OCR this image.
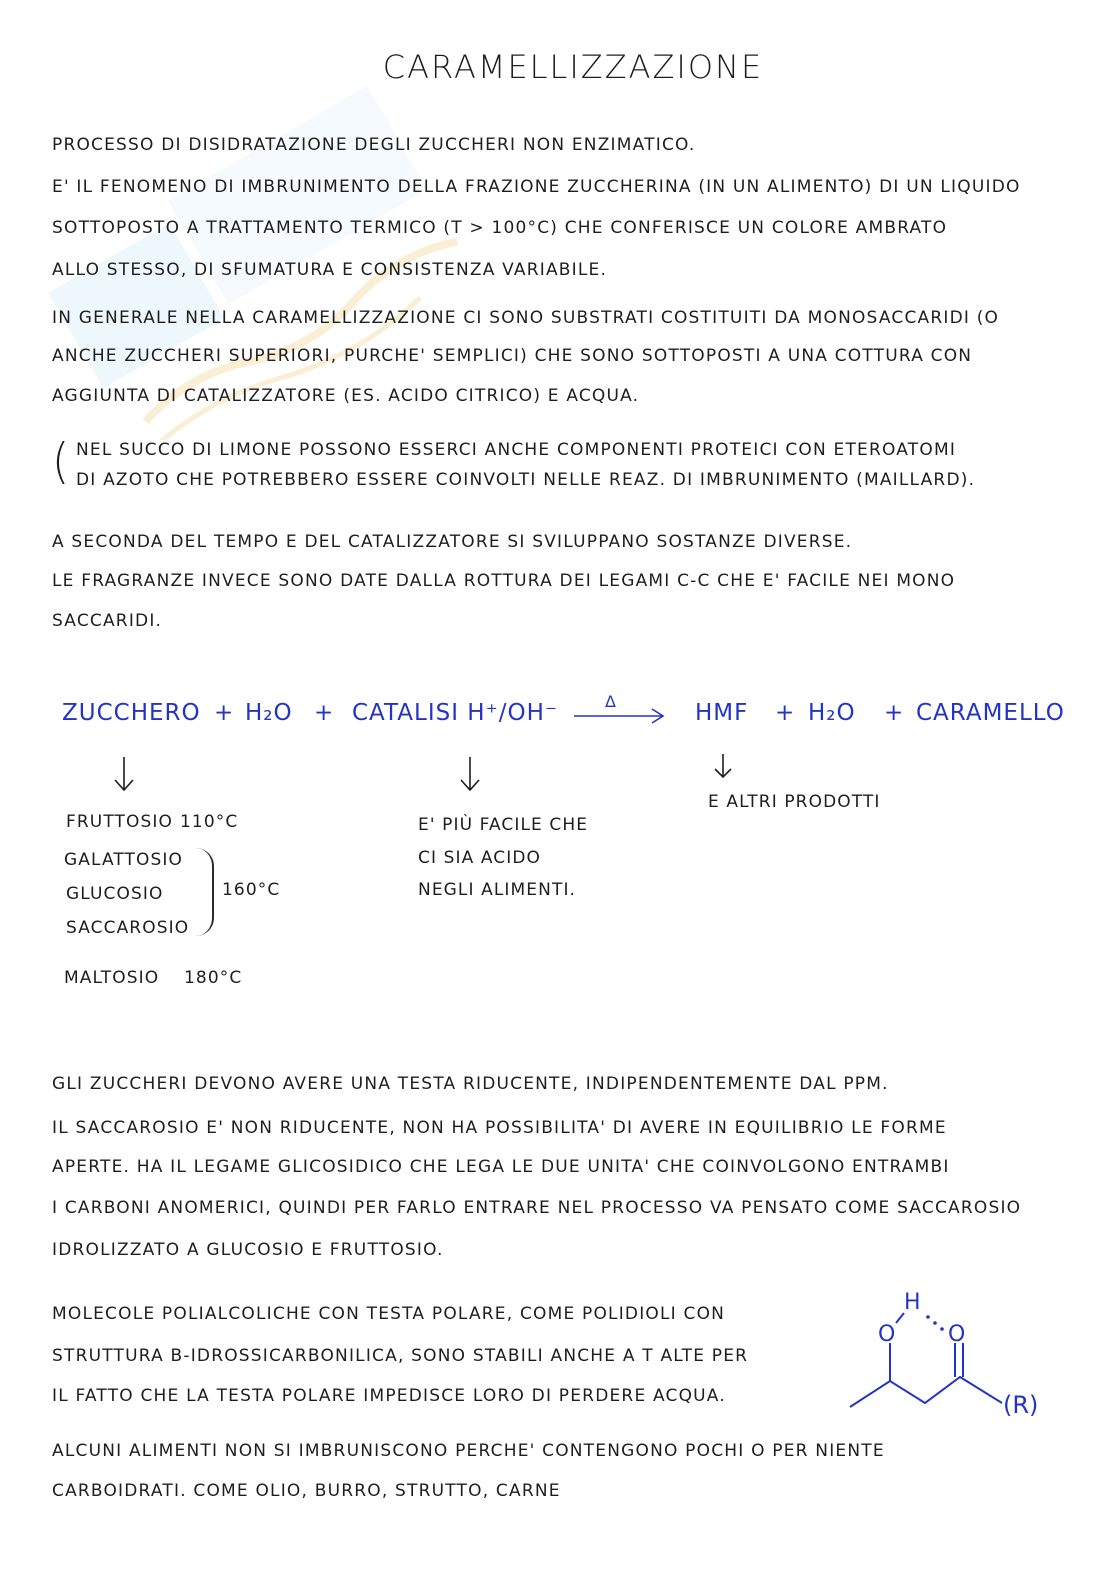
CARAMELLIZZAZIONE
PROCESSO DI DISIDRATAZIONE DEGLI ZUCCHERI NON ENZIMATICO.
E' IL FENOMENO DI IMBRUNIMENTO DELLA FRAZIONE ZUCCHERINA (IN UN ALIMENTO) DI UN LIQUIDO
SOTTOPOSTO A TRATTAMENTO TERMICO (T > 100°C) CHE CONFERISCE UN COLORE AMBRATO
ALLO STESSO, DI SFUMATURA E CONSISTENZA VARIABILE.
IN GENERALE NELLA CARAMELLIZZAZIONE CI SONO SUBSTRATI COSTITUITI DA MONOSACCARIDI (O
ANCHE ZUCCHERI SUPERIORI, PURCHE' SEMPLICI) CHE SONO SOTTOPOSTI A UNA COTTURA CON
AGGIUNTA DI CATALIZZATORE (ES. ACIDO CITRICO) E ACQUA.
( NEL SUCCO DI LIMONE POSSONO ESSERCI ANCHE COMPONENTI PROTEICI CON ETEROATOMI
DI AZOTO CHE POTREBBERO ESSERE COINVOLTI NELLE REAZ. DI IMBRUNIMENTO (MAILLARD).
A SECONDA DEL TEMPO E DEL CATALIZZATORE SI SVILUPPANO SOSTANZE DIVERSE.
LE FRAGRANZE INVECE SONO DATE DALLA ROTTURA DEI LEGAMI C-C CHE E' FACILE NEI MONO
SACCARIDI.
ZUCCHERO + H₂O + CATALISI H⁺/OH⁻	Δ	HMF + H₂O + CARAMELLO
FRUTTOSIO 110°C
GALATTOSIO
GLUCOSIO
SACCAROSIO
160°C
MALTOSIO 180°C
E' PIÙ FACILE CHE
CI SIA ACIDO
NEGLI ALIMENTI.
E ALTRI PRODOTTI
GLI ZUCCHERI DEVONO AVERE UNA TESTA RIDUCENTE, INDIPENDENTEMENTE DAL PPM.
IL SACCAROSIO E' NON RIDUCENTE, NON HA POSSIBILITA' DI AVERE IN EQUILIBRIO LE FORME
APERTE. HA IL LEGAME GLICOSIDICO CHE LEGA LE DUE UNITA' CHE COINVOLGONO ENTRAMBI
I CARBONI ANOMERICI, QUINDI PER FARLO ENTRARE NEL PROCESSO VA PENSATO COME SACCAROSIO
IDROLIZZATO A GLUCOSIO E FRUTTOSIO.
MOLECOLE POLIALCOLICHE CON TESTA POLARE, COME POLIDIOLI CON
STRUTTURA Β-IDROSSICARBONILICA, SONO STABILI ANCHE A T ALTE PER
IL FATTO CHE LA TESTA POLARE IMPEDISCE LORO DI PERDERE ACQUA.
H
O O
(R)
ALCUNI ALIMENTI NON SI IMBRUNISCONO PERCHE' CONTENGONO POCHI O PER NIENTE
CARBOIDRATI. COME OLIO, BURRO, STRUTTO, CARNE
